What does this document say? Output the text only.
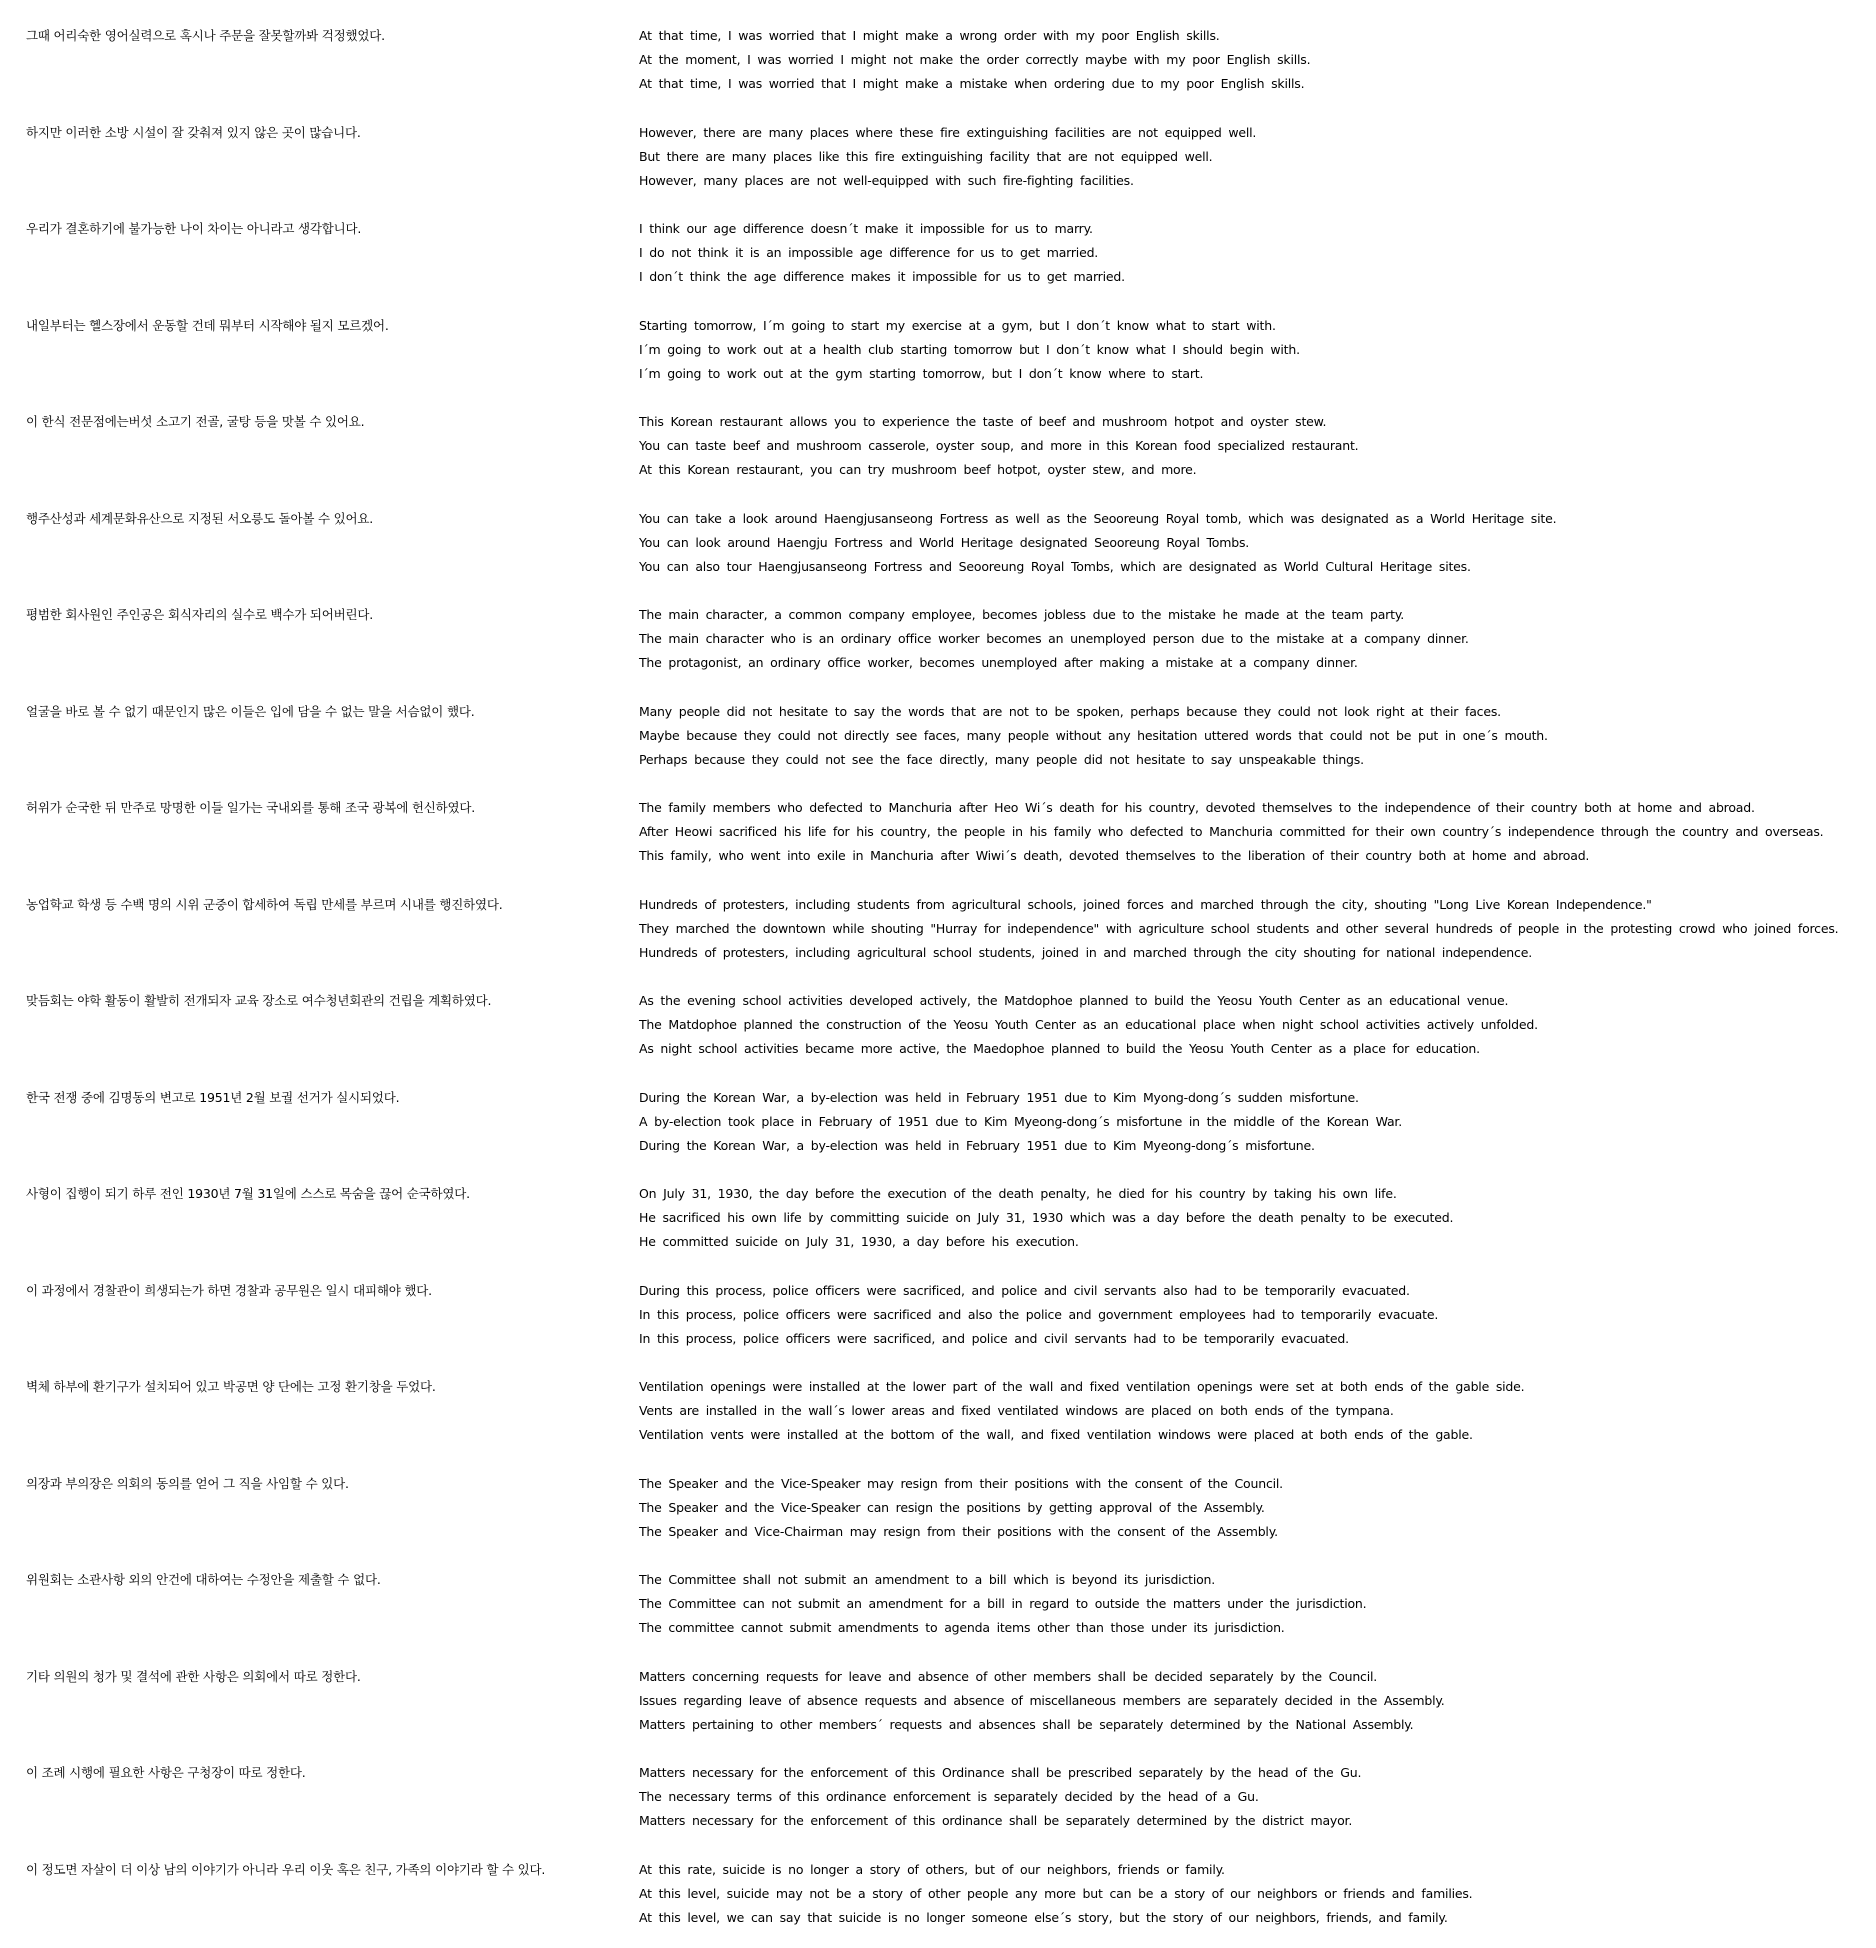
그때 어리숙한 영어실력으로 혹시나 주문을 잘못할까봐 걱정했었다.	At that time, I was worried that I might make a wrong order with my poor English skills.
At the moment, I was worried I might not make the order correctly maybe with my poor English skills.
At that time, I was worried that I might make a mistake when ordering due to my poor English skills.
하지만 이러한 소방 시설이 잘 갖춰져 있지 않은 곳이 많습니다.	However, there are many places where these fire extinguishing facilities are not equipped well.
But there are many places like this fire extinguishing facility that are not equipped well.
However, many places are not well-equipped with such fire-fighting facilities.
우리가 결혼하기에 불가능한 나이 차이는 아니라고 생각합니다.	I think our age difference doesn´t make it impossible for us to marry.
I do not think it is an impossible age difference for us to get married.
I don´t think the age difference makes it impossible for us to get married.
내일부터는 헬스장에서 운동할 건데 뭐부터 시작해야 될지 모르겠어.	Starting tomorrow, I´m going to start my exercise at a gym, but I don´t know what to start with.
I´m going to work out at a health club starting tomorrow but I don´t know what I should begin with.
I´m going to work out at the gym starting tomorrow, but I don´t know where to start.
이 한식 전문점에는버섯 소고기 전골, 굴탕 등을 맛볼 수 있어요.	This Korean restaurant allows you to experience the taste of beef and mushroom hotpot and oyster stew.
You can taste beef and mushroom casserole, oyster soup, and more in this Korean food specialized restaurant.
At this Korean restaurant, you can try mushroom beef hotpot, oyster stew, and more.
행주산성과 세계문화유산으로 지정된 서오릉도 돌아볼 수 있어요.	You can take a look around Haengjusanseong Fortress as well as the Seooreung Royal tomb, which was designated as a World Heritage site.
You can look around Haengju Fortress and World Heritage designated Seooreung Royal Tombs.
You can also tour Haengjusanseong Fortress and Seooreung Royal Tombs, which are designated as World Cultural Heritage sites.
평범한 회사원인 주인공은 회식자리의 실수로 백수가 되어버린다.	The main character, a common company employee, becomes jobless due to the mistake he made at the team party.
The main character who is an ordinary office worker becomes an unemployed person due to the mistake at a company dinner.
The protagonist, an ordinary office worker, becomes unemployed after making a mistake at a company dinner.
얼굴을 바로 볼 수 없기 때문인지 많은 이들은 입에 담을 수 없는 말을 서슴없이 했다.	Many people did not hesitate to say the words that are not to be spoken, perhaps because they could not look right at their faces.
Maybe because they could not directly see faces, many people without any hesitation uttered words that could not be put in one´s mouth.
Perhaps because they could not see the face directly, many people did not hesitate to say unspeakable things.
허위가 순국한 뒤 만주로 망명한 이들 일가는 국내외를 통해 조국 광복에 헌신하였다.	The family members who defected to Manchuria after Heo Wi´s death for his country, devoted themselves to the independence of their country both at home and abroad.
After Heowi sacrificed his life for his country, the people in his family who defected to Manchuria committed for their own country´s independence through the country and overseas.
This family, who went into exile in Manchuria after Wiwi´s death, devoted themselves to the liberation of their country both at home and abroad.
농업학교 학생 등 수백 명의 시위 군중이 합세하여 독립 만세를 부르며 시내를 행진하였다.	Hundreds of protesters, including students from agricultural schools, joined forces and marched through the city, shouting "Long Live Korean Independence."
They marched the downtown while shouting "Hurray for independence" with agriculture school students and other several hundreds of people in the protesting crowd who joined forces.
Hundreds of protesters, including agricultural school students, joined in and marched through the city shouting for national independence.
맞듬회는 야학 활동이 활발히 전개되자 교육 장소로 여수청년회관의 건립을 계획하였다.	As the evening school activities developed actively, the Matdophoe planned to build the Yeosu Youth Center as an educational venue.
The Matdophoe planned the construction of the Yeosu Youth Center as an educational place when night school activities actively unfolded.
As night school activities became more active, the Maedophoe planned to build the Yeosu Youth Center as a place for education.
한국 전쟁 중에 김명동의 변고로 1951년 2월 보궐 선거가 실시되었다.	During the Korean War, a by-election was held in February 1951 due to Kim Myong-dong´s sudden misfortune.
A by-election took place in February of 1951 due to Kim Myeong-dong´s misfortune in the middle of the Korean War.
During the Korean War, a by-election was held in February 1951 due to Kim Myeong-dong´s misfortune.
사형이 집행이 되기 하루 전인 1930년 7월 31일에 스스로 목숨을 끊어 순국하였다.	On July 31, 1930, the day before the execution of the death penalty, he died for his country by taking his own life.
He sacrificed his own life by committing suicide on July 31, 1930 which was a day before the death penalty to be executed.
He committed suicide on July 31, 1930, a day before his execution.
이 과정에서 경찰관이 희생되는가 하면 경찰과 공무원은 일시 대피해야 했다.	During this process, police officers were sacrificed, and police and civil servants also had to be temporarily evacuated.
In this process, police officers were sacrificed and also the police and government employees had to temporarily evacuate.
In this process, police officers were sacrificed, and police and civil servants had to be temporarily evacuated.
벽체 하부에 환기구가 설치되어 있고 박공면 양 단에는 고정 환기창을 두었다.	Ventilation openings were installed at the lower part of the wall and fixed ventilation openings were set at both ends of the gable side.
Vents are installed in the wall´s lower areas and fixed ventilated windows are placed on both ends of the tympana.
Ventilation vents were installed at the bottom of the wall, and fixed ventilation windows were placed at both ends of the gable.
의장과 부의장은 의회의 동의를 얻어 그 직을 사임할 수 있다.	The Speaker and the Vice-Speaker may resign from their positions with the consent of the Council.
The Speaker and the Vice-Speaker can resign the positions by getting approval of the Assembly.
The Speaker and Vice-Chairman may resign from their positions with the consent of the Assembly.
위원회는 소관사항 외의 안건에 대하여는 수정안을 제출할 수 없다.	The Committee shall not submit an amendment to a bill which is beyond its jurisdiction.
The Committee can not submit an amendment for a bill in regard to outside the matters under the jurisdiction.
The committee cannot submit amendments to agenda items other than those under its jurisdiction.
기타 의원의 청가 및 결석에 관한 사항은 의회에서 따로 정한다.	Matters concerning requests for leave and absence of other members shall be decided separately by the Council.
Issues regarding leave of absence requests and absence of miscellaneous members are separately decided in the Assembly.
Matters pertaining to other members´ requests and absences shall be separately determined by the National Assembly.
이 조례 시행에 필요한 사항은 구청장이 따로 정한다.	Matters necessary for the enforcement of this Ordinance shall be prescribed separately by the head of the Gu.
The necessary terms of this ordinance enforcement is separately decided by the head of a Gu.
Matters necessary for the enforcement of this ordinance shall be separately determined by the district mayor.
이 정도면 자살이 더 이상 남의 이야기가 아니라 우리 이웃 혹은 친구, 가족의 이야기라 할 수 있다.	At this rate, suicide is no longer a story of others, but of our neighbors, friends or family.
At this level, suicide may not be a story of other people any more but can be a story of our neighbors or friends and families.
At this level, we can say that suicide is no longer someone else´s story, but the story of our neighbors, friends, and family.
